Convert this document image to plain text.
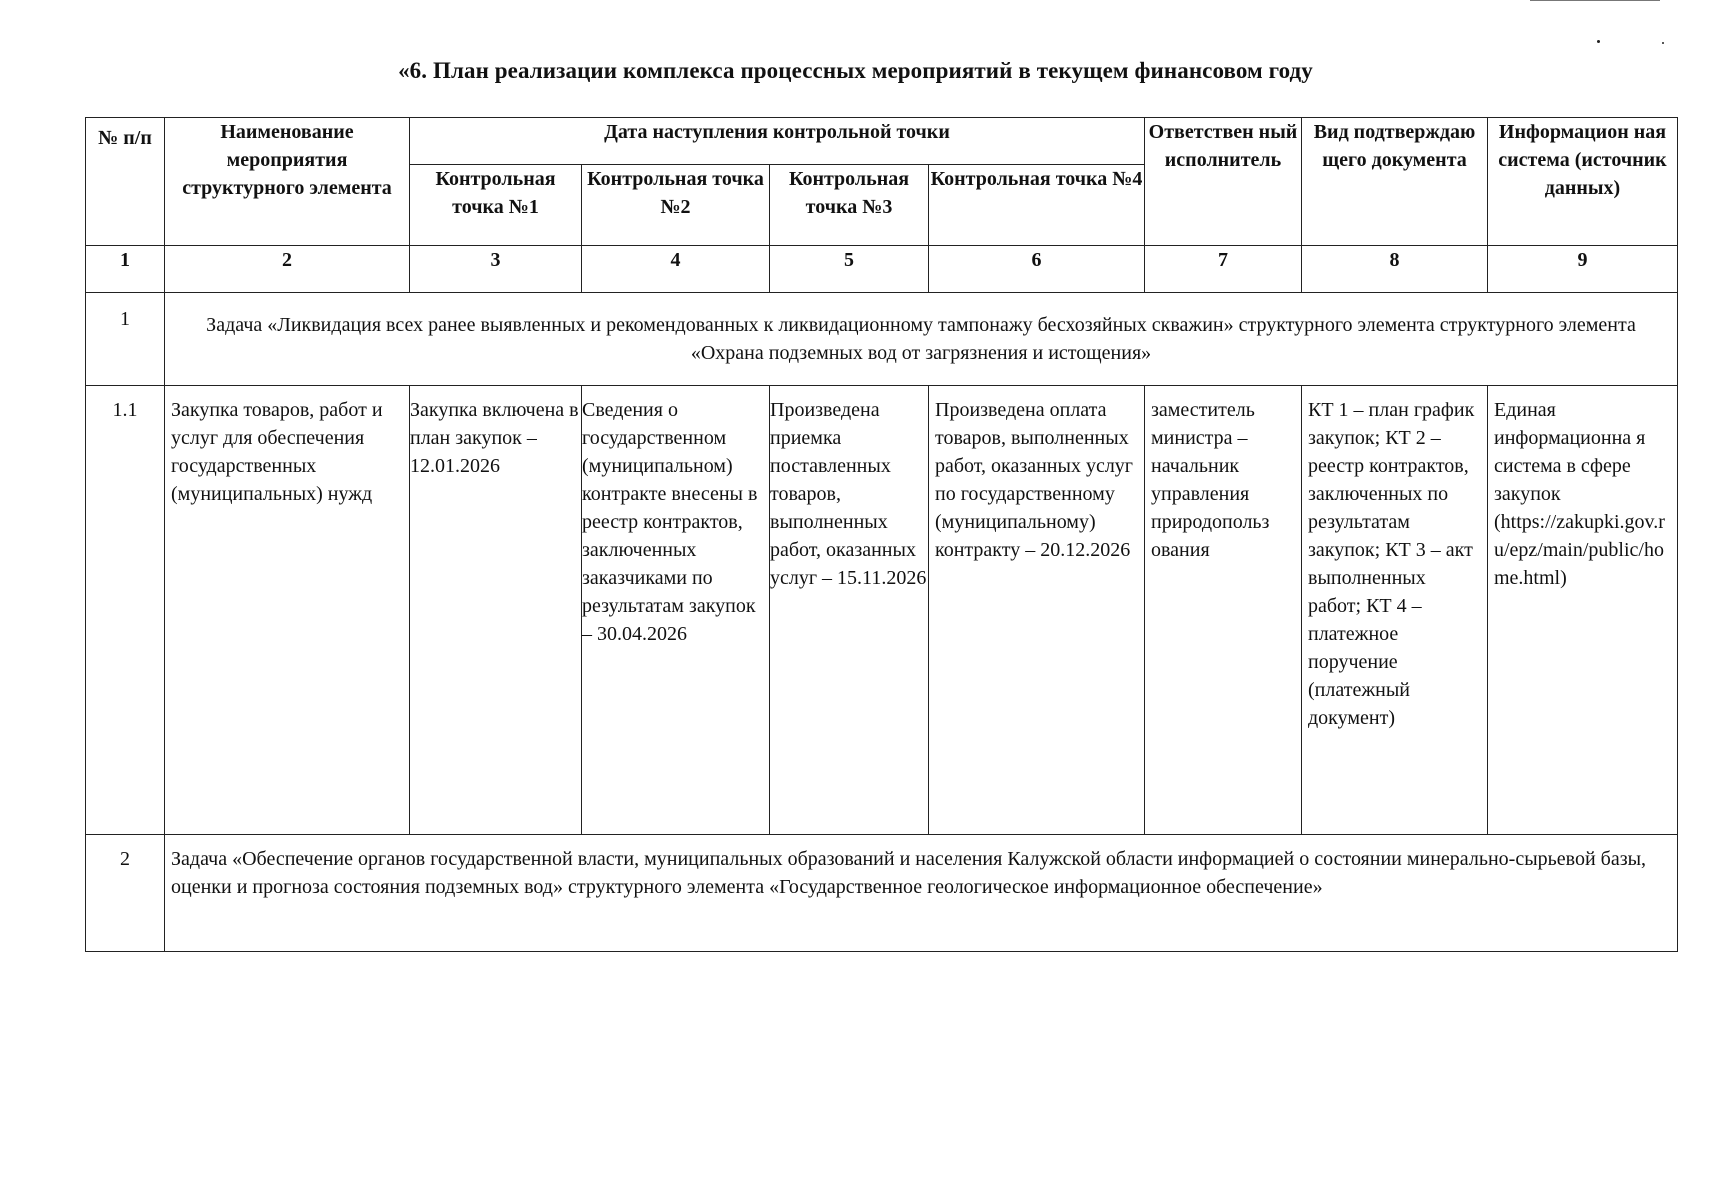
«6. План реализации комплекса процессных мероприятий в текущем финансовом году
№ п/п	Наименование мероприятия структурного элемента	Дата наступления контрольной точки				Ответствен ный исполнитель	Вид подтверждаю щего документа	Информацион ная система (источник данных)
		Контрольная точка №1	Контрольная точка №2	Контрольная точка №3	Контрольная точка №4			
1	2	3	4	5	6	7	8	9
1	Задача «Ликвидация всех ранее выявленных и рекомендованных к ликвидационному тампонажу бесхозяйных скважин» структурного элемента структурного элемента «Охрана подземных вод от загрязнения и истощения»							
1.1	Закупка товаров, работ и услуг для обеспечения государственных (муниципальных) нужд	Закупка включена в план закупок – 12.01.2026	Сведения о государственном (муниципальном) контракте внесены в реестр контрактов, заключенных заказчиками по результатам закупок – 30.04.2026	Произведена приемка поставленных товаров, выполненных работ, оказанных услуг – 15.11.2026	Произведена оплата товаров, выполненных работ, оказанных услуг по государственному (муниципальному) контракту – 20.12.2026	заместитель министра – начальник управления природопольз ования	КТ 1 – план график закупок; КТ 2 – реестр контрактов, заключенных по результатам закупок; КТ 3 – акт выполненных работ; КТ 4 – платежное поручение (платежный документ)	Единая информационна я система в сфере закупок (https://zakupki.gov.ru/epz/main/public/home.html)
2	Задача «Обеспечение органов государственной власти, муниципальных образований и населения Калужской области информацией о состоянии минерально-сырьевой базы, оценки и прогноза состояния подземных вод» структурного элемента «Государственное геологическое информационное обеспечение»							
